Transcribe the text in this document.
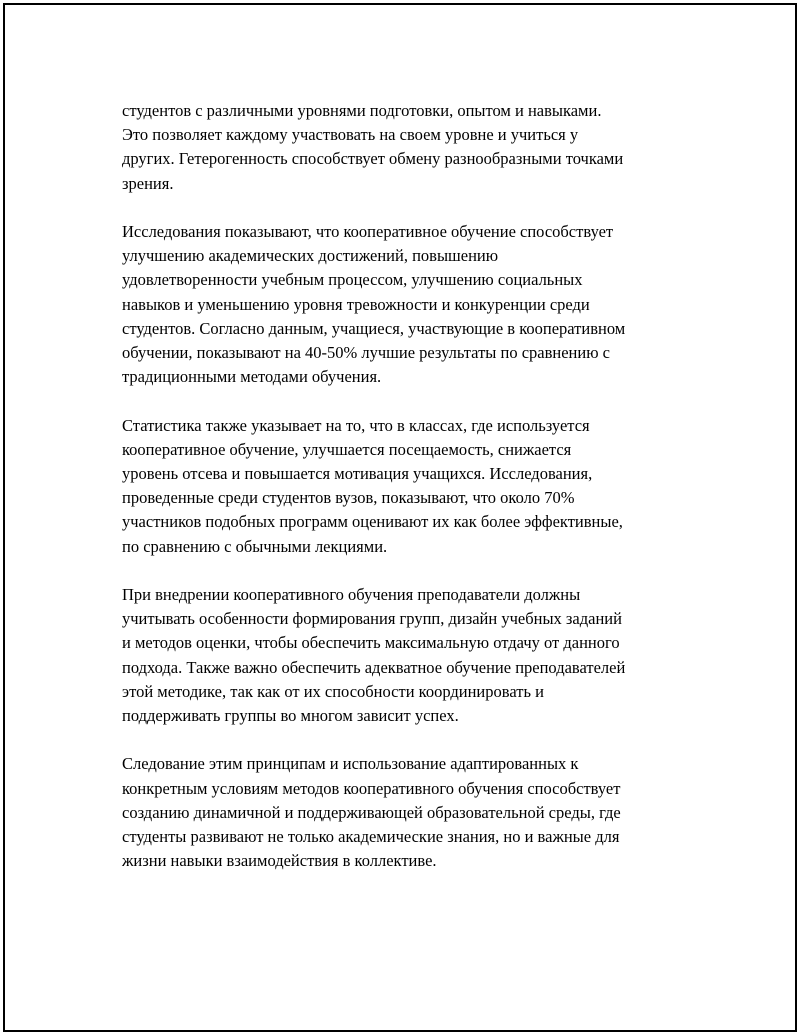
студентов с различными уровнями подготовки, опытом и навыками.
Это позволяет каждому участвовать на своем уровне и учиться у
других. Гетерогенность способствует обмену разнообразными точками
зрения.

Исследования показывают, что кооперативное обучение способствует
улучшению академических достижений, повышению
удовлетворенности учебным процессом, улучшению социальных
навыков и уменьшению уровня тревожности и конкуренции среди
студентов. Согласно данным, учащиеся, участвующие в кооперативном
обучении, показывают на 40-50% лучшие результаты по сравнению с
традиционными методами обучения.

Статистика также указывает на то, что в классах, где используется
кооперативное обучение, улучшается посещаемость, снижается
уровень отсева и повышается мотивация учащихся. Исследования,
проведенные среди студентов вузов, показывают, что около 70%
участников подобных программ оценивают их как более эффективные,
по сравнению с обычными лекциями.

При внедрении кооперативного обучения преподаватели должны
учитывать особенности формирования групп, дизайн учебных заданий
и методов оценки, чтобы обеспечить максимальную отдачу от данного
подхода. Также важно обеспечить адекватное обучение преподавателей
этой методике, так как от их способности координировать и
поддерживать группы во многом зависит успех.

Следование этим принципам и использование адаптированных к
конкретным условиям методов кооперативного обучения способствует
созданию динамичной и поддерживающей образовательной среды, где
студенты развивают не только академические знания, но и важные для
жизни навыки взаимодействия в коллективе.
